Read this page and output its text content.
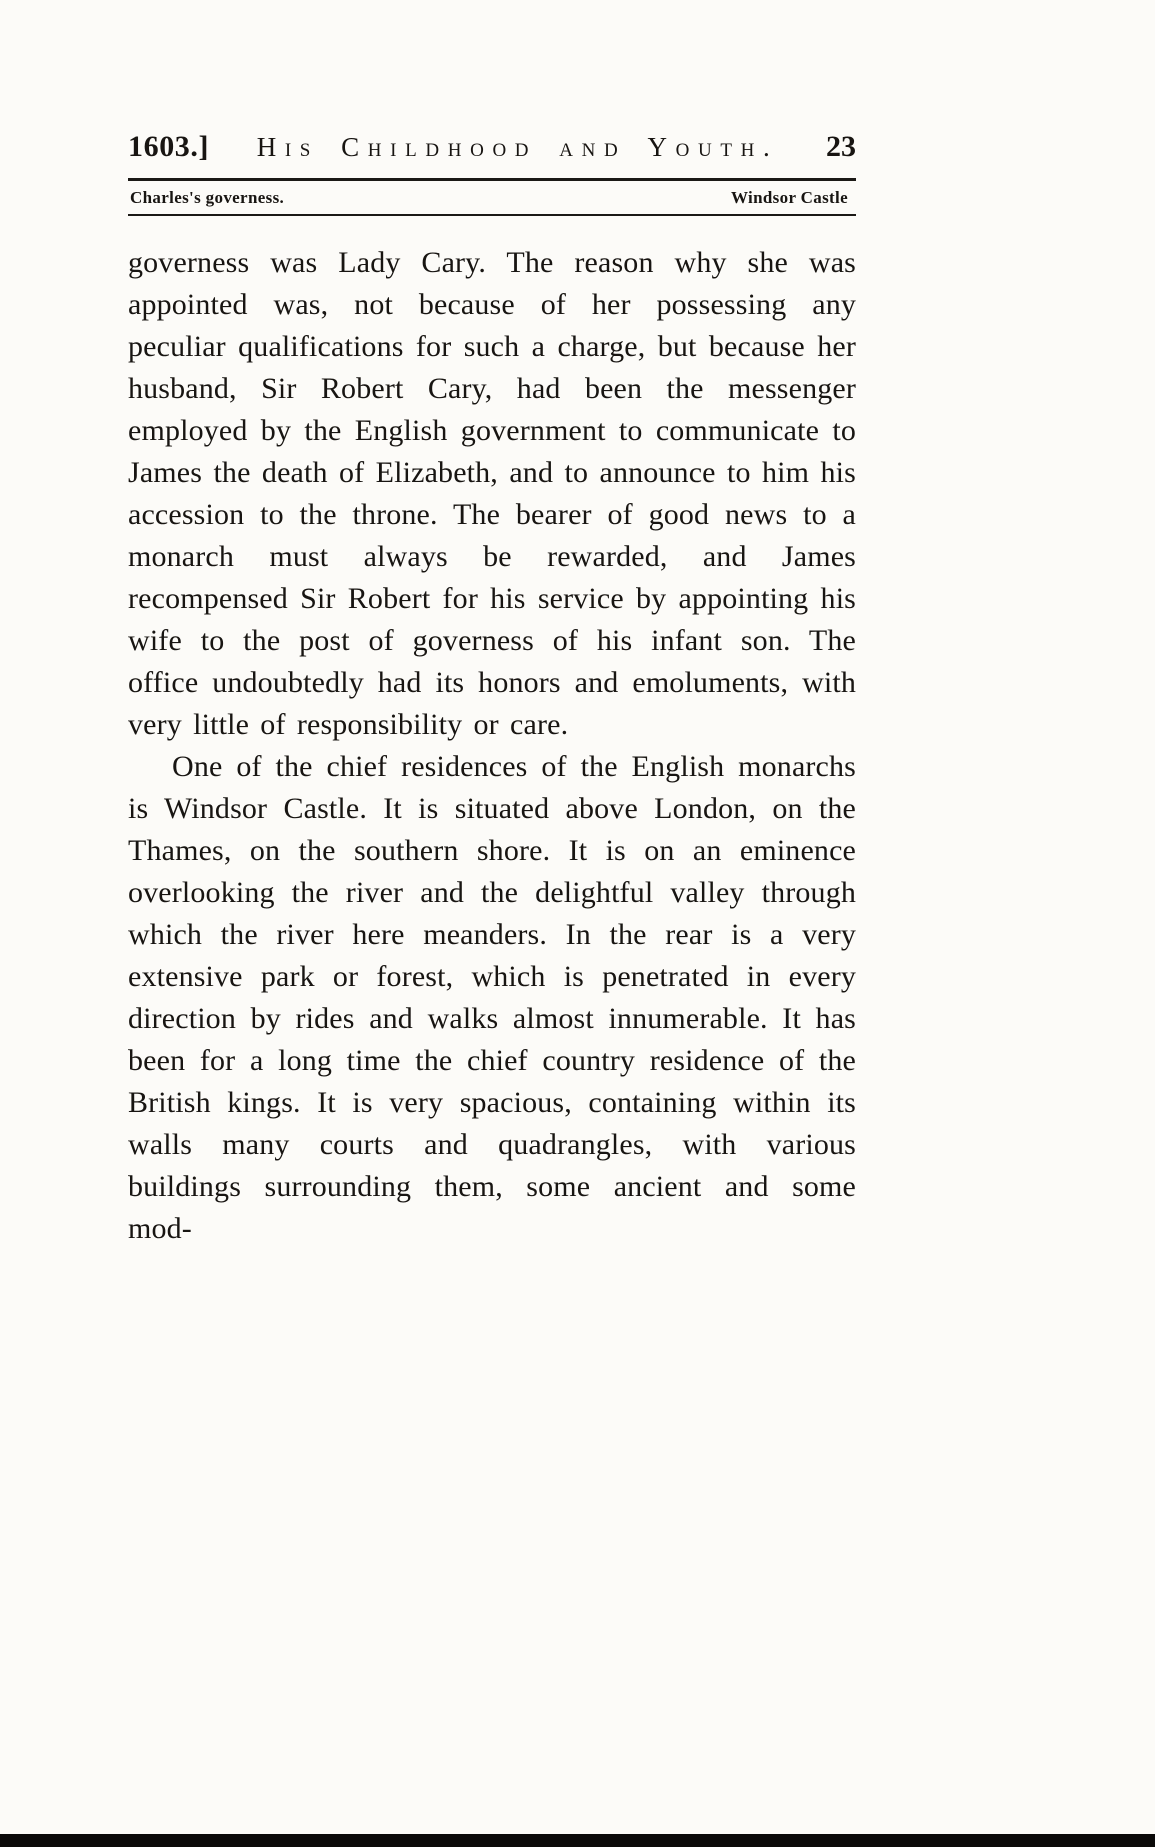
1603.]	His Childhood and Youth.	23
Charles's governess.	Windsor Castle

governess was Lady Cary. The reason why she was appointed was, not because of her possessing any peculiar qualifications for such a charge, but because her husband, Sir Robert Cary, had been the messenger employed by the English government to communicate to James the death of Elizabeth, and to announce to him his accession to the throne. The bearer of good news to a monarch must always be rewarded, and James recompensed Sir Robert for his service by appointing his wife to the post of governess of his infant son. The office undoubtedly had its honors and emoluments, with very little of responsibility or care.

One of the chief residences of the English monarchs is Windsor Castle. It is situated above London, on the Thames, on the southern shore. It is on an eminence overlooking the river and the delightful valley through which the river here meanders. In the rear is a very extensive park or forest, which is penetrated in every direction by rides and walks almost innumerable. It has been for a long time the chief country residence of the British kings. It is very spacious, containing within its walls many courts and quadrangles, with various buildings surrounding them, some ancient and some mod-
